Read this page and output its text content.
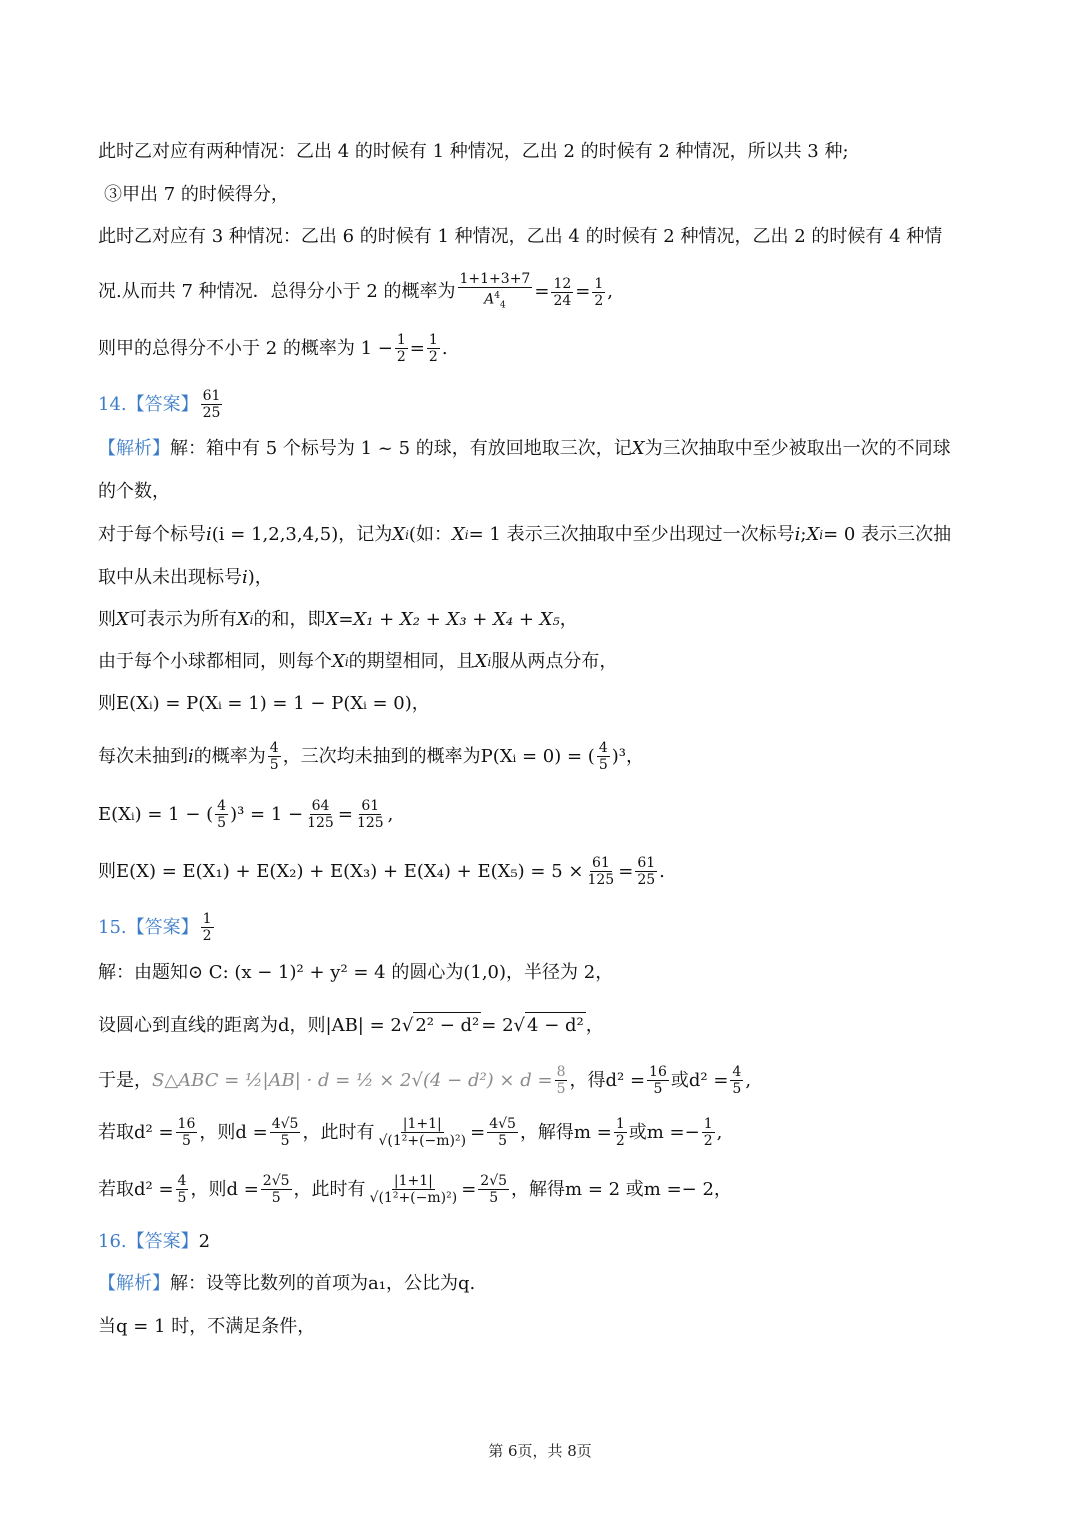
此时乙对应有两种情况：乙出 4 的时候有 1 种情况，乙出 2 的时候有 2 种情况，所以共 3 种;
③甲出 7 的时候得分，
此时乙对应有 3 种情况：乙出 6 的时候有 1 种情况，乙出 4 的时候有 2 种情况，乙出 2 的时候有 4 种情
况.从而共 7 种情况．总得分小于 2 的概率为 $\frac{1+1+3+7}{A^4_4} = \frac{12}{24} = \frac{1}{2}$ ,
则甲的总得分不小于 2 的概率为 $1 - \frac{1}{2} = \frac{1}{2}$ .
14.【答案】 $\frac{61}{25}$
【解析】 解：箱中有 5 个标号为 1 ~ 5 的球，有放回地取三次，记 X 为三次抽取中至少被取出一次的不同球
的个数，
对于每个标号 i (i = 1,2,3,4,5)，记为 X i (如： X i = 1 表示三次抽取中至少出现过一次标号 i ; X i = 0 表示三次抽
取中从未出现标号 i )，
则 X 可表示为所有 X i 的和，即 X = X₁ + X₂ + X₃ + X₄ + X₅ ，
由于每个小球都相同，则每个 X i 的期望相同，且 X i 服从两点分布，
则E(Xᵢ) = P(Xᵢ = 1) = 1 − P(Xᵢ = 0)，
每次未抽到 i 的概率为 $\frac{4}{5}$ ，三次均未抽到的概率为P(Xᵢ = 0) = ( $\frac{4}{5} )^3$，
E(Xᵢ) = 1 − ( $\frac{4}{5} )^3 = 1 - \frac{64}{125} = \frac{61}{125}$ ,
则$E(X) = E(X_1) + E(X_2) + E(X_3) + E(X_4) + E(X_5) = 5 \times \frac{61}{125} = \frac{61}{25}$ .
15.【答案】 $\frac{1}{2}$
解：由题知⊙ C: (x − 1)² + y² = 4 的圆心为(1,0)，半径为 2，
设圆心到直线的距离为d，则|AB| = 2 √ 2² − d² = 2 √ 4 − d² ，
于是， S△ABC = ½|AB| · d = ½ × $2√(4 - d^2) \times d = \frac{8}{5}$ ，得$d^2 = \frac{16}{5}$ 或$d^2 = \frac{4}{5}$ ,
若取$d^2 = \frac{16}{5}$ ，则$d = \frac{4√5}{5}$ ，此时有 $\frac{|1+1|}{\text{√(1²+(−m)²)}} = \frac{4√5}{5}$ ，解得$m = \frac{1}{2}$ 或$m =- \frac{1}{2}$ ,
若取$d^2 = \frac{4}{5}$ ，则$d = \frac{2√5}{5}$ ，此时有 $\frac{|1+1|}{\text{√(1²+(−m)²)}} = \frac{2√5}{5}$ ，解得m = 2 或m =− 2，
16.【答案】 2
【解析】 解：设等比数列的首项为a₁，公比为q.
当q = 1 时，不满足条件，
第 6页，共 8页
